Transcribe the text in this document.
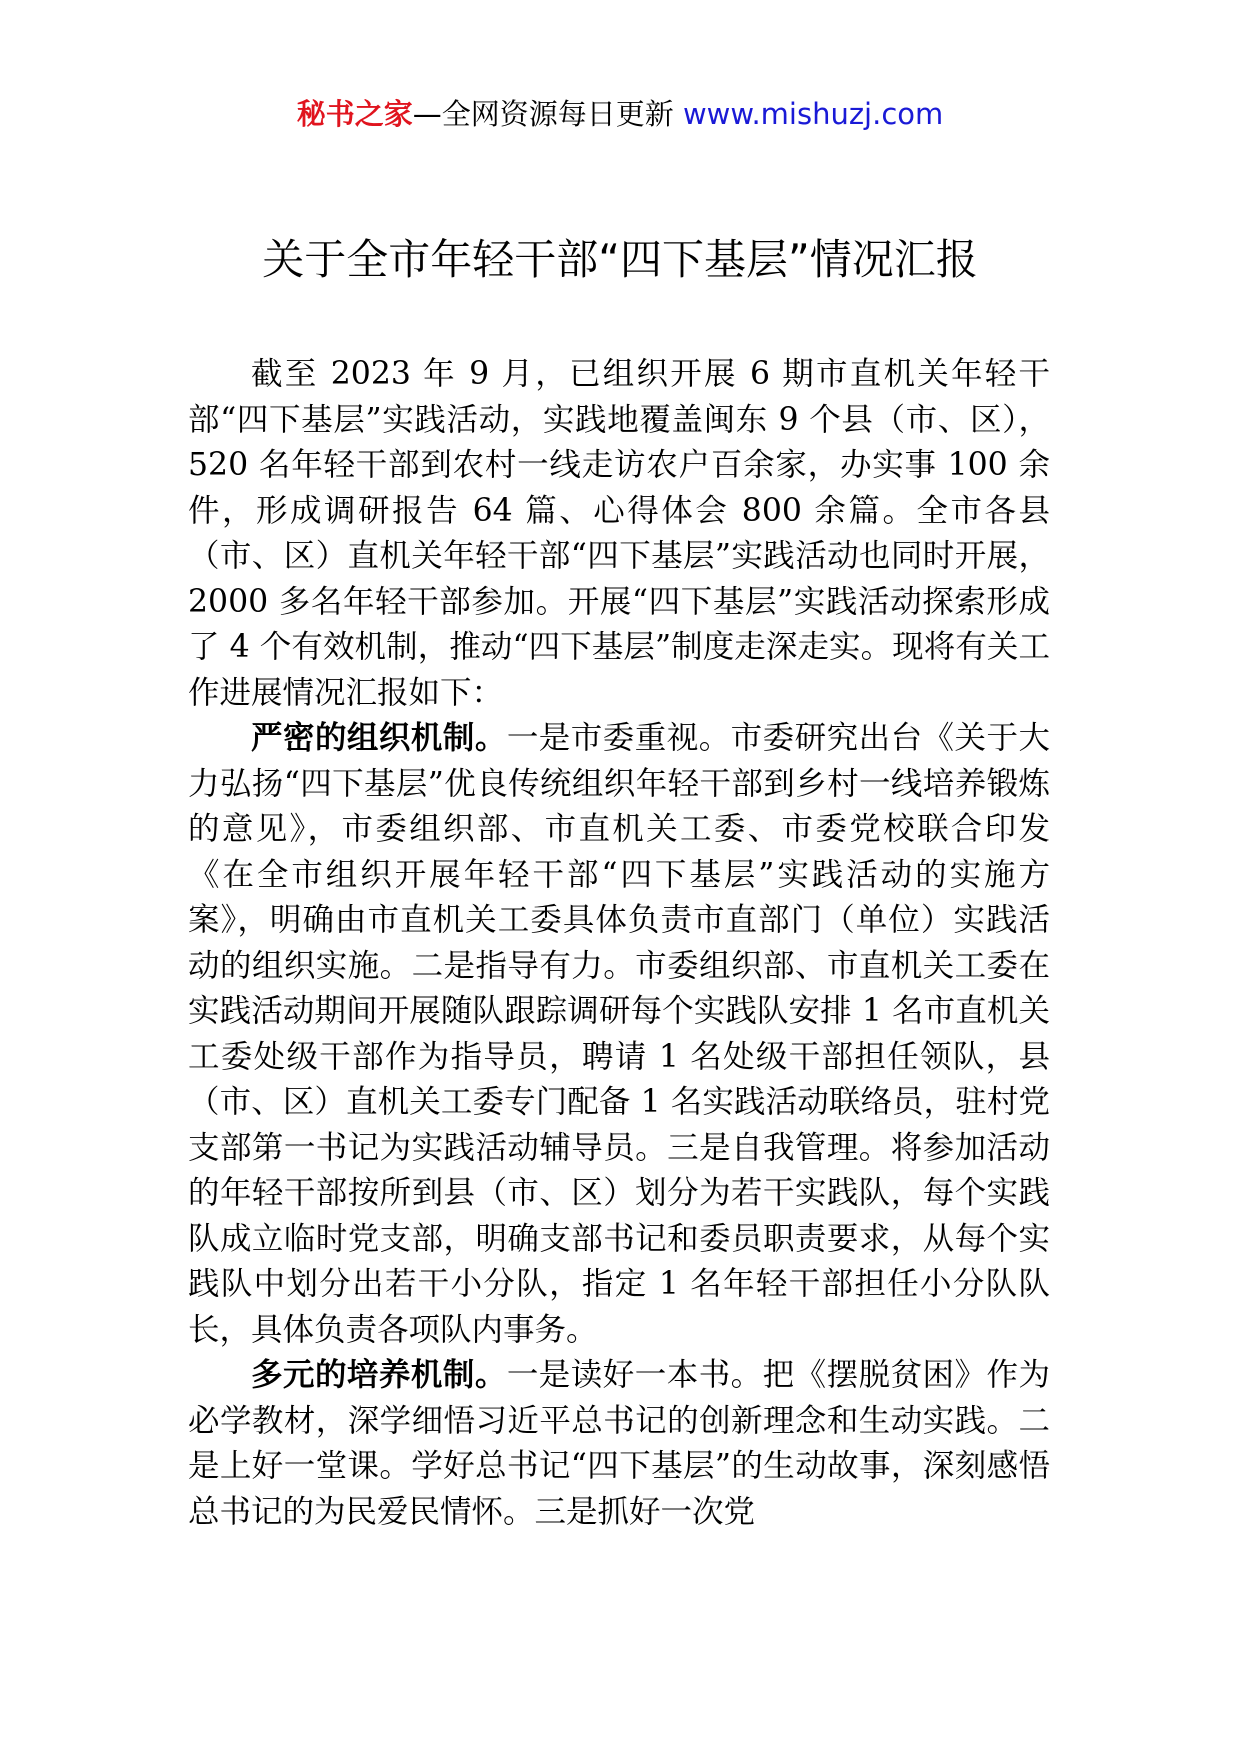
秘书之家—全网资源每日更新 www.mishuzj.com
关于全市年轻干部“四下基层”情况汇报

截至 2023 年 9 月，已组织开展 6 期市直机关年轻干部“四下基层”实践活动，实践地覆盖闽东 9 个县（市、区），520 名年轻干部到农村一线走访农户百余家，办实事 100 余件，形成调研报告 64 篇、心得体会 800 余篇。全市各县（市、区）直机关年轻干部“四下基层”实践活动也同时开展，2000 多名年轻干部参加。开展“四下基层”实践活动探索形成了 4 个有效机制，推动“四下基层”制度走深走实。现将有关工作进展情况汇报如下：

严密的组织机制。一是市委重视。市委研究出台《关于大力弘扬“四下基层”优良传统组织年轻干部到乡村一线培养锻炼的意见》，市委组织部、市直机关工委、市委党校联合印发《在全市组织开展年轻干部“四下基层”实践活动的实施方案》，明确由市直机关工委具体负责市直部门（单位）实践活动的组织实施。二是指导有力。市委组织部、市直机关工委在实践活动期间开展随队跟踪调研每个实践队安排 1 名市直机关工委处级干部作为指导员，聘请 1 名处级干部担任领队，县（市、区）直机关工委专门配备 1 名实践活动联络员，驻村党支部第一书记为实践活动辅导员。三是自我管理。将参加活动的年轻干部按所到县（市、区）划分为若干实践队，每个实践队成立临时党支部，明确支部书记和委员职责要求，从每个实践队中划分出若干小分队，指定 1 名年轻干部担任小分队队长，具体负责各项队内事务。

多元的培养机制。一是读好一本书。把《摆脱贫困》作为必学教材，深学细悟习近平总书记的创新理念和生动实践。二是上好一堂课。学好总书记“四下基层”的生动故事，深刻感悟总书记的为民爱民情怀。三是抓好一次党
